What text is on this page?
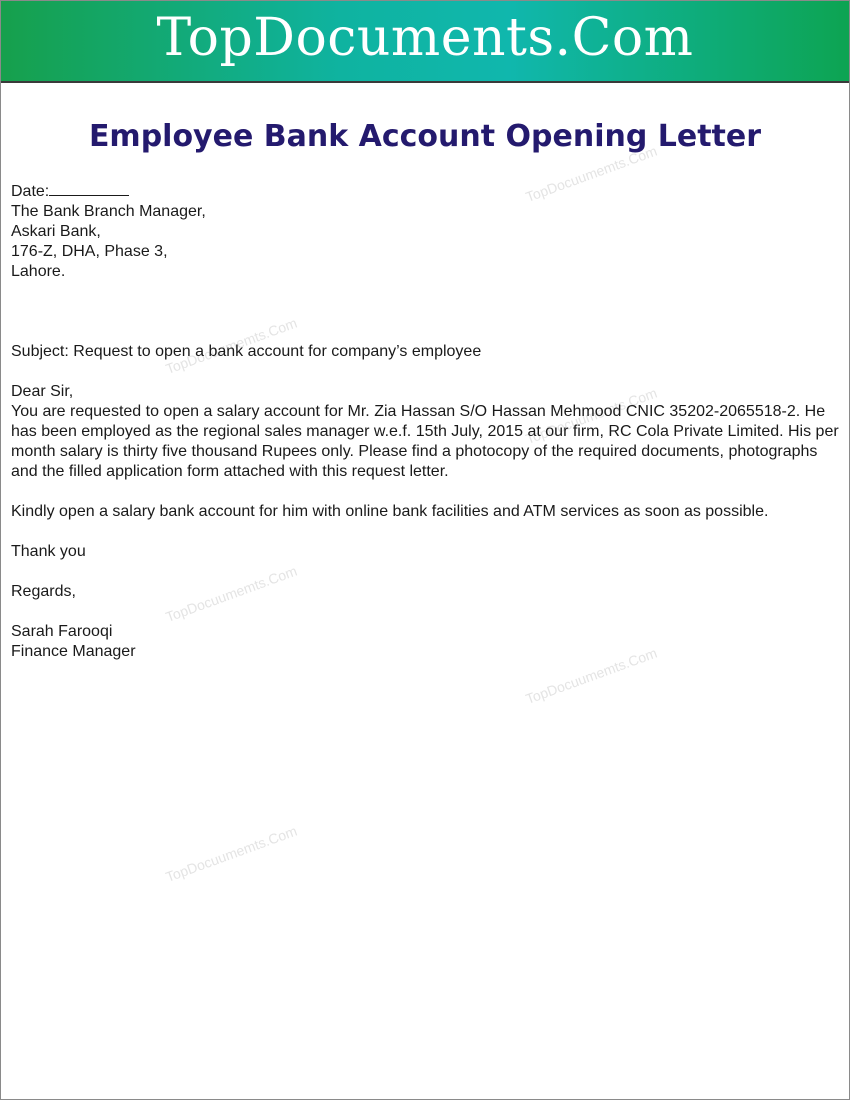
TopDocuments.Com
TopDocuumemts.Com
TopDocuumemts.Com
TopDocuumemts.Com
TopDocuumemts.Com
TopDocuumemts.Com
TopDocuumemts.Com
Employee Bank Account Opening Letter
Date:
The Bank Branch Manager,
Askari Bank,
176-Z, DHA, Phase 3,
Lahore.
Subject: Request to open a bank account for company’s employee
Dear Sir,
You are requested to open a salary account for Mr. Zia Hassan S/O Hassan Mehmood CNIC 35202-2065518-2. He has been employed as the regional sales manager w.e.f. 15th July, 2015 at our firm, RC Cola Private Limited. His per month salary is thirty five thousand Rupees only. Please find a photocopy of the required documents, photographs and the filled application form attached with this request letter.
Kindly open a salary bank account for him with online bank facilities and ATM services as soon as possible.
Thank you
Regards,
Sarah Farooqi
Finance Manager
